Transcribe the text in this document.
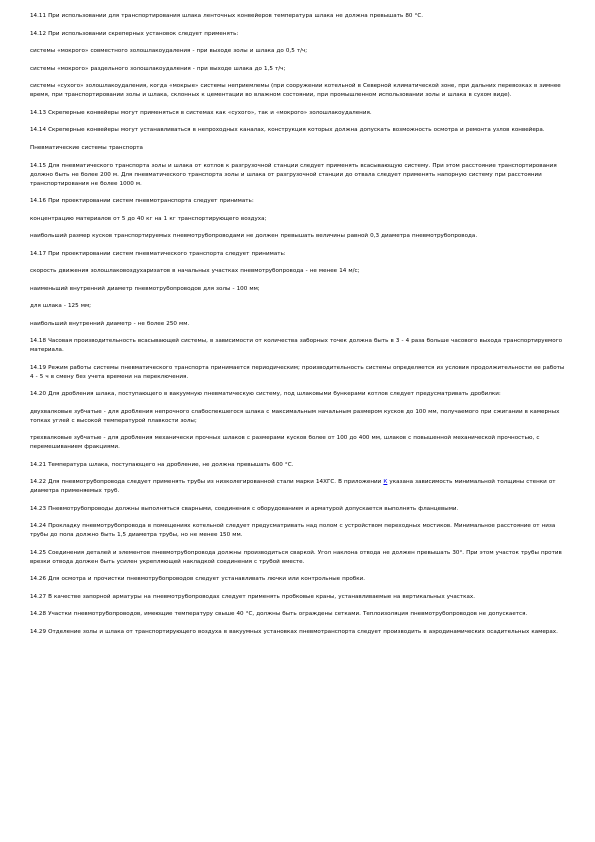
14.11 При использовании для транспортирования шлака ленточных конвейеров температура шлака не должна превышать 80 °С.

14.12 При использовании скреперных установок следует применять:

системы «мокрого» совместного золошлакоудаления - при выходе золы и шлака до 0,5 т/ч;

системы «мокрого» раздельного золошлакоудаления - при выходе шлака до 1,5 т/ч;

системы «сухого» золошлакоудаления, когда «мокрые» системы неприемлемы (при сооружении котельной в Северной климатической зоне, при дальних перевозках в зимнее время, при транспортировании золы и шлака, склонных к цементации во влажном состоянии, при промышленном использовании золы и шлака в сухом виде).

14.13 Скреперные конвейеры могут применяться в системах как «сухого», так и «мокрого» золошлакоудаления.

14.14 Скреперные конвейеры могут устанавливаться в непроходных каналах, конструкция которых должна допускать возможность осмотра и ремонта узлов конвейера.

Пневматические системы транспорта

14.15 Для пневматического транспорта золы и шлака от котлов к разгрузочной станции следует применять всасывающую систему. При этом расстояние транспортирования должно быть не более 200 м. Для пневматического транспорта золы и шлака от разгрузочной станции до отвала следует применять напорную систему при расстоянии транспортирования не более 1000 м.

14.16 При проектировании систем пневмотранспорта следует принимать:

концентрацию материалов от 5 до 40 кг на 1 кг транспортирующего воздуха;

наибольший размер кусков транспортируемых пневмотрубопроводами не должен превышать величины равной 0,3 диаметра пневмотрубопровода.

14.17 При проектировании систем пневматического транспорта следует принимать:

скорость движения золошлаковоздухаризатов в начальных участках пневмотрубопровода - не менее 14 м/с;

наименьший внутренний диаметр пневмотрубопроводов для золы - 100 мм;

для шлака - 125 мм;

наибольший внутренний диаметр - не более 250 мм.

14.18 Часовая производительность всасывающей системы, в зависимости от количества заборных точек должна быть в 3 - 4 раза больше часового выхода транспортируемого материала.

14.19 Режим работы системы пневматического транспорта принимается периодическим; производительность системы определяется из условия продолжительности ее работы 4 - 5 ч в смену без учета времени на переключения.

14.20 Для дробления шлака, поступающего в вакуумную пневматическую систему, под шлаковыми бункерами котлов следует предусматривать дробилки:

двухвалковые зубчатые - для дробления непрочного слабоспекшегося шлака с максимальным начальным размером кусков до 100 мм, получаемого при сжигании в камерных топках углей с высокой температурой плавкости золы;

трехвалковые зубчатые - для дробления механически прочных шлаков с размерами кусков более от 100 до 400 мм, шлаков с повышенной механической прочностью, с перемешиванием фракциями.

14.21 Температура шлака, поступающего на дробление, не должна превышать 600 °С.

14.22 Для пневмотрубопровода следует применять трубы из низколегированной стали марки 14ХГС. В приложении К указана зависимость минимальной толщины стенки от диаметра применяемых труб.

14.23 Пневмотрубопроводы должны выполняться сварными, соединения с оборудованием и арматурой допускается выполнять фланцевыми.

14.24 Прокладку пневмотрубопровода в помещениях котельной следует предусматривать над полом с устройством переходных мостиков. Минимальное расстояние от низа трубы до пола должно быть 1,5 диаметра трубы, но не менее 150 мм.

14.25 Соединения деталей и элементов пневмотрубопровода должны производиться сваркой. Угол наклона отвода не должен превышать 30°. При этом участок трубы против врезки отвода должен быть усилен укрепляющей накладкой соединения с трубой вместе.

14.26 Для осмотра и прочистки пневмотрубопроводов следует устанавливать лючки или контрольные пробки.

14.27 В качестве запорной арматуры на пневмотрубопроводах следует применять пробковые краны, устанавливаемые на вертикальных участках.

14.28 Участки пневмотрубопроводов, имеющие температуру свыше 40 °С, должны быть ограждены сетками. Теплоизоляция пневмотрубопроводов не допускается.

14.29 Отделение золы и шлака от транспортирующего воздуха в вакуумных установках пневмотранспорта следует производить в аэродинамических осадительных камерах.
